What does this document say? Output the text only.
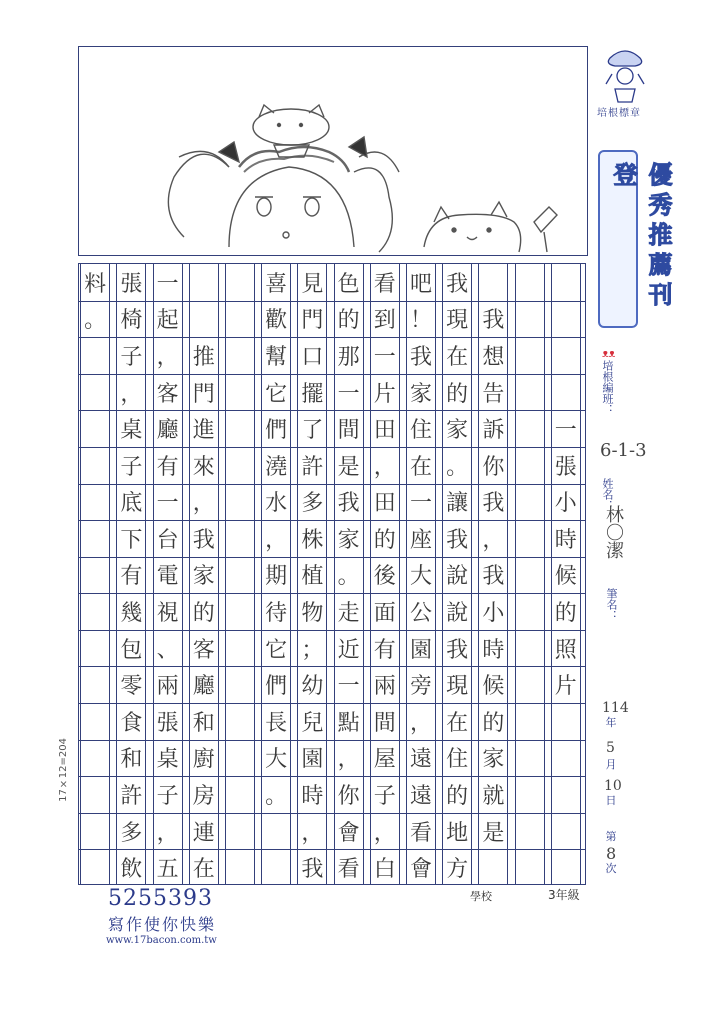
培根標章
優秀推薦刊登
ᴥᴥ
培根編班：
6-1-3
姓名：
林〇潔
筆名：
114
年
5
月
10
日
第
8
次
一
張
小
時
候
的
照
片
我
想
告
訴
你
我
，
我
小
時
候
的
家
就
是
我
現
在
的
家
。
讓
我
說
說
我
現
在
住
的
地
方
吧
！
我
家
住
在
一
座
大
公
園
旁
，
遠
遠
看
會
看
到
一
片
田
，
田
的
後
面
有
兩
間
屋
子
，
白
色
的
那
一
間
是
我
家
。
走
近
一
點
，
你
會
看
見
門
口
擺
了
許
多
株
植
物
；
幼
兒
園
時
，
我
喜
歡
幫
它
們
澆
水
，
期
待
它
們
長
大
。
推
門
進
來
，
我
家
的
客
廳
和
廚
房
連
在
一
起
，
客
廳
有
一
台
電
視
、
兩
張
桌
子
，
五
張
椅
子
，
桌
子
底
下
有
幾
包
零
食
和
許
多
飲
料
。
17×12=204
學校	3年級
5255393
寫作使你快樂
www.17bacon.com.tw
